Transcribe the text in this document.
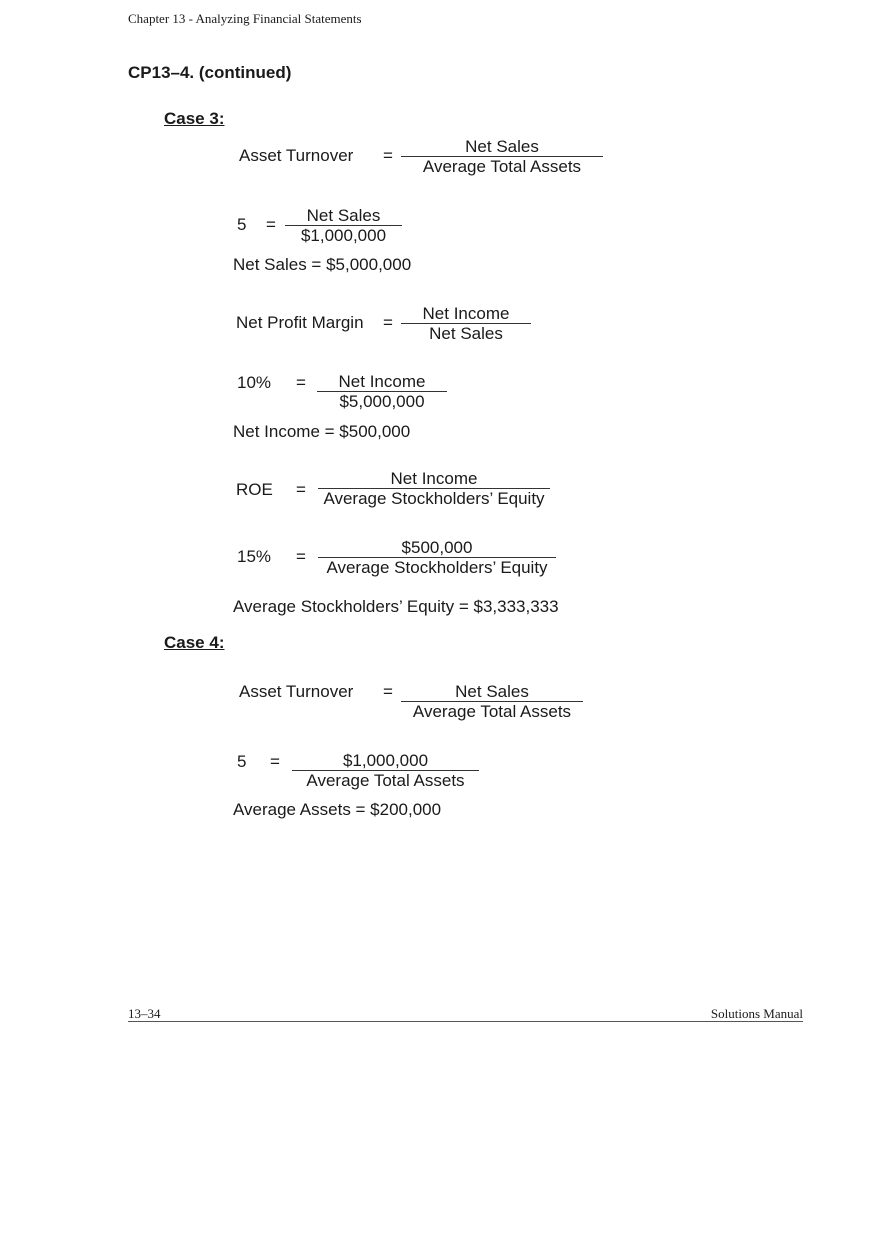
Chapter 13 - Analyzing Financial Statements
CP13–4. (continued)
Case 3:
Asset Turnover =	Net Sales
Average Total Assets
5 =	Net Sales
$1,000,000
Net Sales = $5,000,000
Net Profit Margin =	Net Income
Net Sales
10% =	Net Income
$5,000,000
Net Income = $500,000
ROE =
Net Income
Average Stockholders’ Equity
15% =	$500,000
Average Stockholders’ Equity
Average Stockholders’ Equity = $3,333,333
Case 4:
Asset Turnover =	Net Sales
Average Total Assets
5 =	$1,000,000
Average Total Assets
Average Assets = $200,000
13–34	Solutions Manual
